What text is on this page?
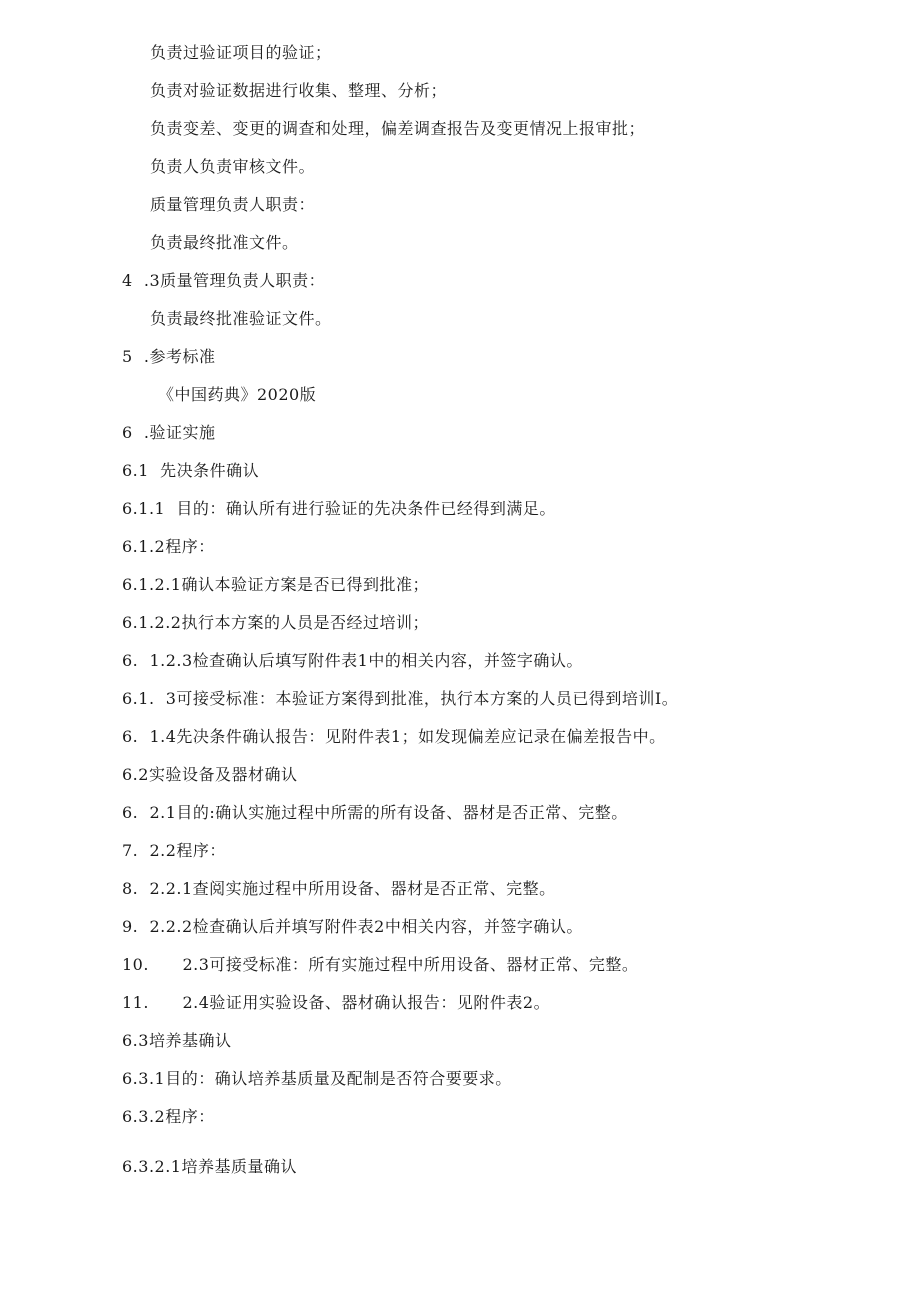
负责过验证项目的验证；
负责对验证数据进行收集、整理、分析；
负责变差、变更的调查和处理，偏差调查报告及变更情况上报审批；
负责人负责审核文件。
质量管理负责人职责：
负责最终批准文件。
4  .3质量管理负责人职责：
负责最终批准验证文件。
5  .参考标准
《中国药典》2020版
6  .验证实施
6.1  先决条件确认
6.1.1  目的：确认所有进行验证的先决条件已经得到满足。
6.1.2程序：
6.1.2.1确认本验证方案是否已得到批准；
6.1.2.2执行本方案的人员是否经过培训；
6.  1.2.3检查确认后填写附件表1中的相关内容，并签字确认。
6.1.  3可接受标准：本验证方案得到批准，执行本方案的人员已得到培训I。
6.  1.4先决条件确认报告：见附件表1；如发现偏差应记录在偏差报告中。
6.2实验设备及器材确认
6.  2.1目的:确认实施过程中所需的所有设备、器材是否正常、完整。
7.  2.2程序：
8.  2.2.1查阅实施过程中所用设备、器材是否正常、完整。
9.  2.2.2检查确认后并填写附件表2中相关内容，并签字确认。
10.      2.3可接受标准：所有实施过程中所用设备、器材正常、完整。
11.      2.4验证用实验设备、器材确认报告：见附件表2。
6.3培养基确认
6.3.1目的：确认培养基质量及配制是否符合要要求。
6.3.2程序：
6.3.2.1培养基质量确认
